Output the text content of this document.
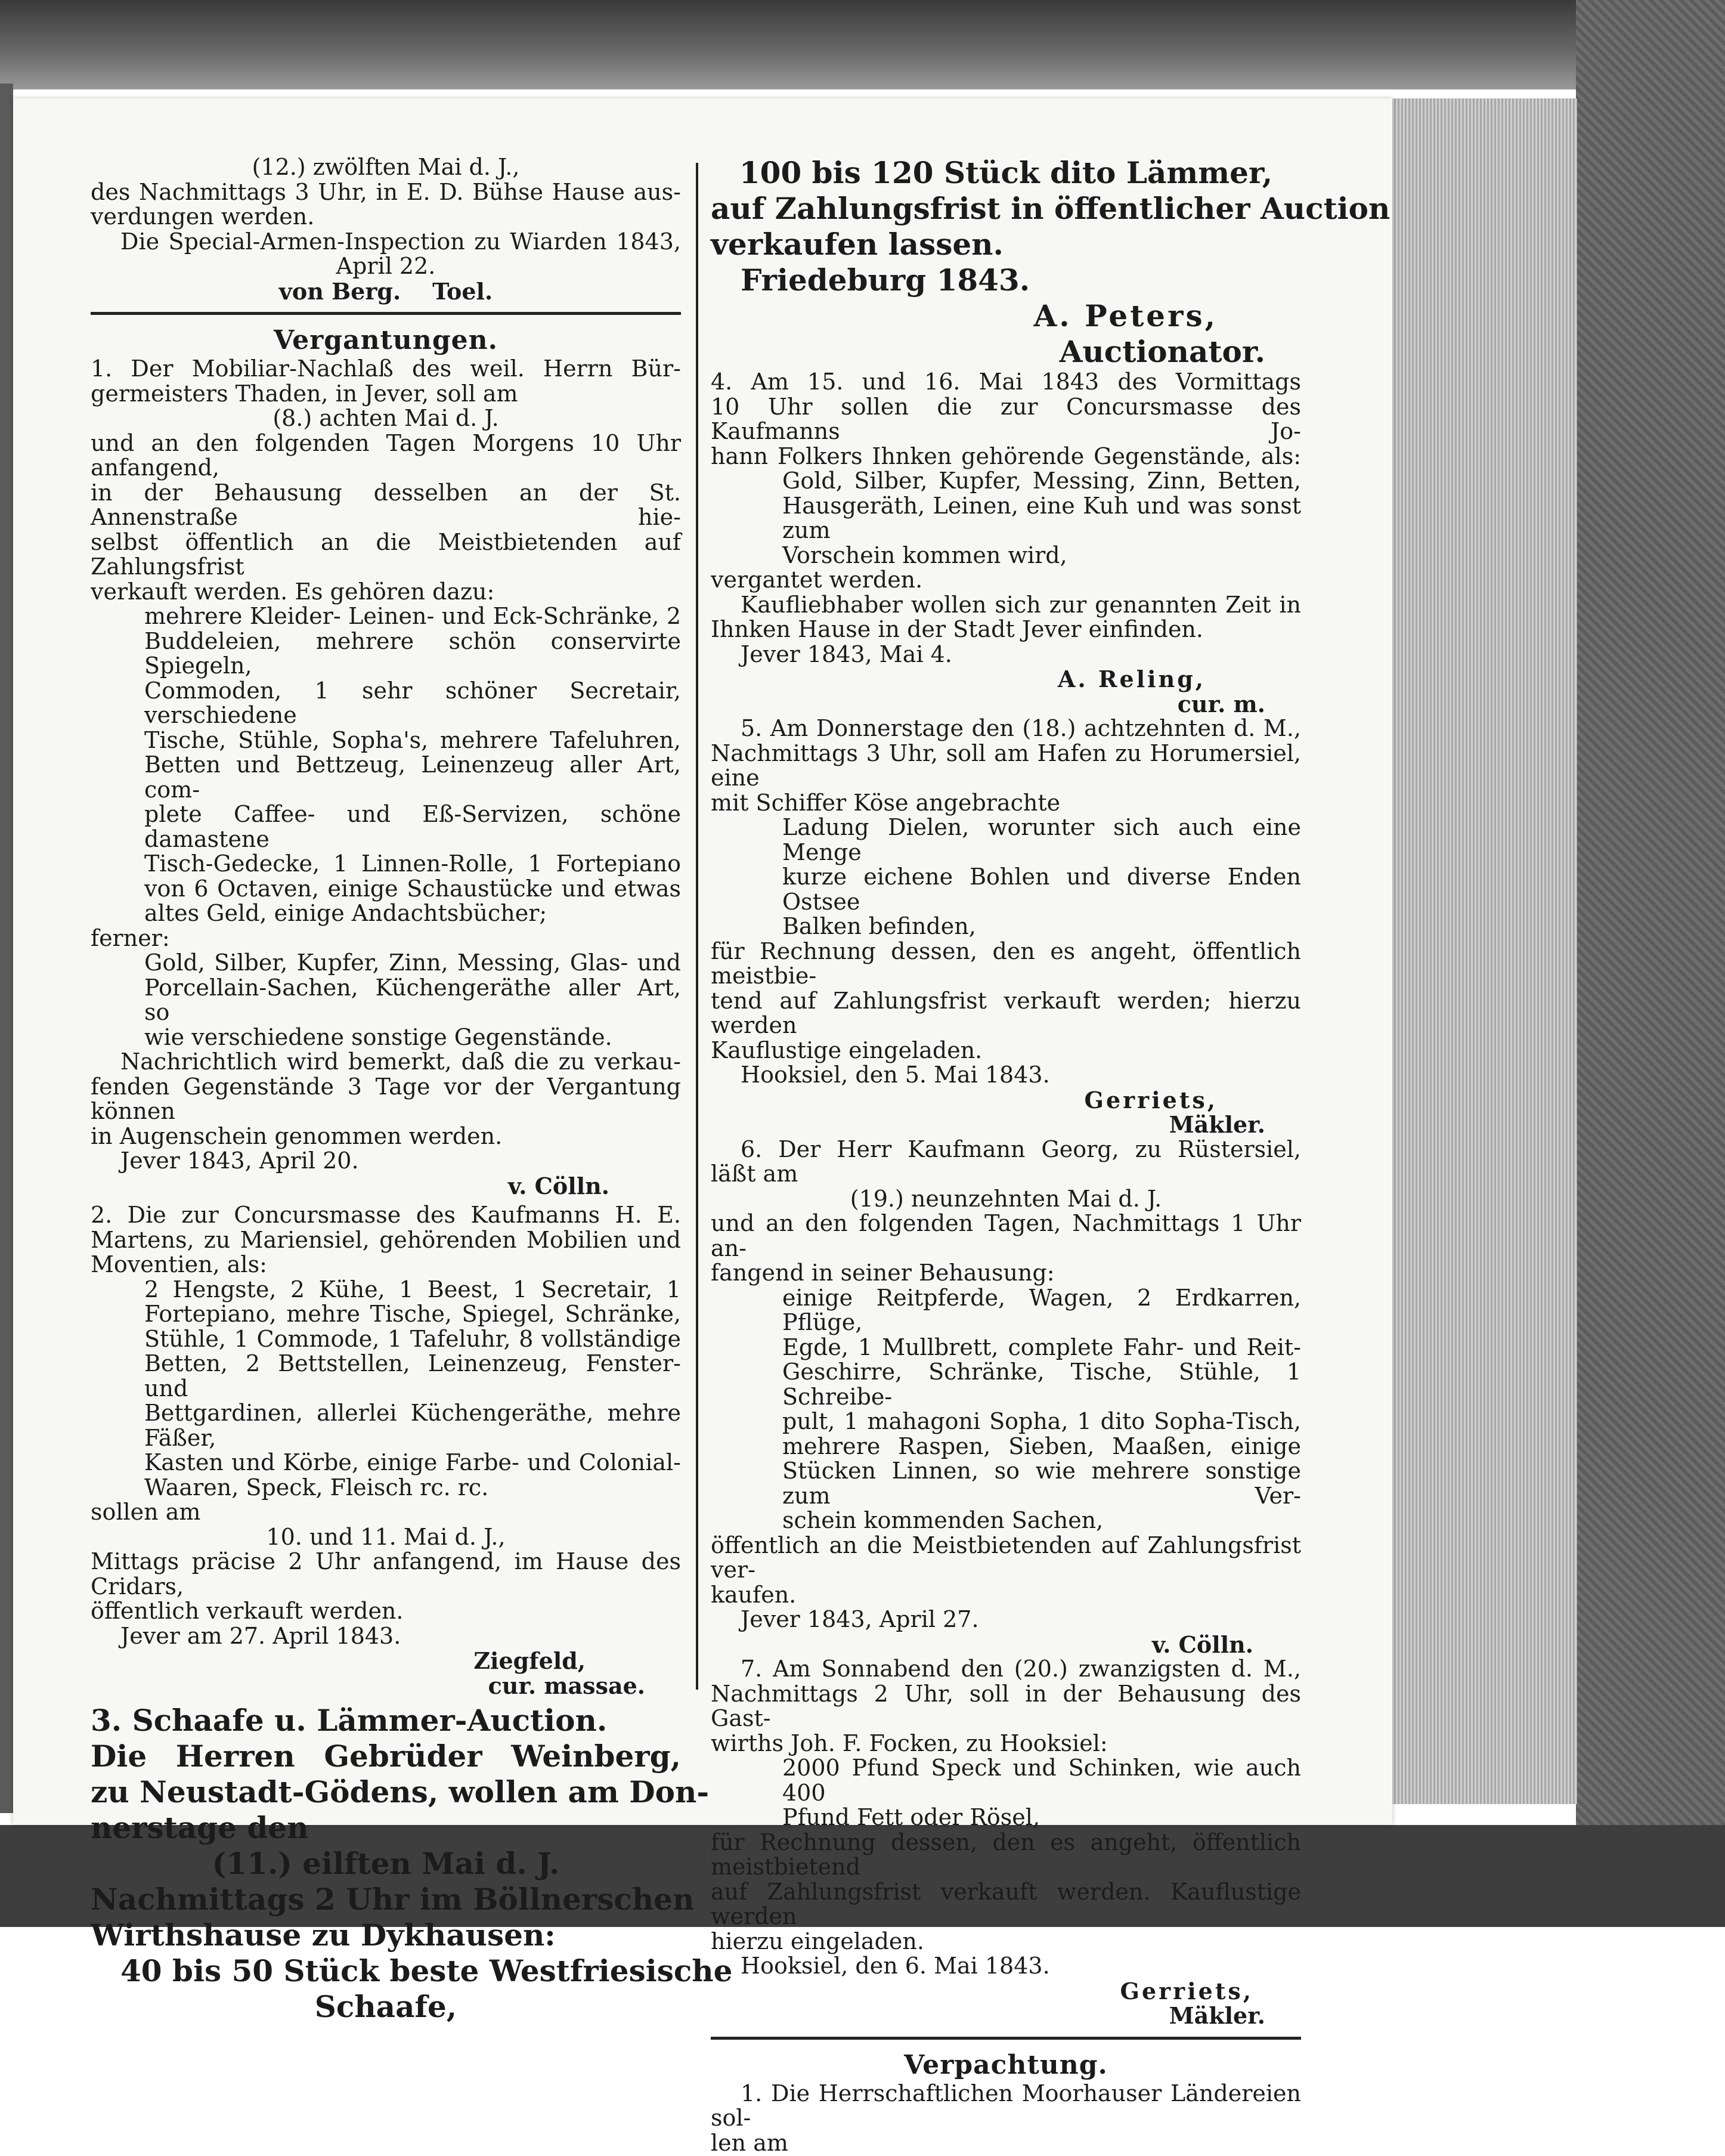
(12.) zwölften Mai d. J.,
des Nachmittags 3 Uhr, in E. D. Bühse Hause aus-
verdungen werden.
Die Special-Armen-Inspection zu Wiarden 1843,
April 22.
von Berg.    Toel.
Vergantungen.
1. Der Mobiliar-Nachlaß des weil. Herrn Bür-
germeisters Thaden, in Jever, soll am
(8.) achten Mai d. J.
und an den folgenden Tagen Morgens 10 Uhr anfangend,
in der Behausung desselben an der St. Annenstraße hie-
selbst öffentlich an die Meistbietenden auf Zahlungsfrist
verkauft werden. Es gehören dazu:
mehrere Kleider- Leinen- und Eck-Schränke, 2
Buddeleien, mehrere schön conservirte Spiegeln,
Commoden, 1 sehr schöner Secretair, verschiedene
Tische, Stühle, Sopha's, mehrere Tafeluhren,
Betten und Bettzeug, Leinenzeug aller Art, com-
plete Caffee- und Eß-Servizen, schöne damastene
Tisch-Gedecke, 1 Linnen-Rolle, 1 Fortepiano
von 6 Octaven, einige Schaustücke und etwas
altes Geld, einige Andachtsbücher;
ferner:
Gold, Silber, Kupfer, Zinn, Messing, Glas- und
Porcellain-Sachen, Küchengeräthe aller Art, so
wie verschiedene sonstige Gegenstände.
Nachrichtlich wird bemerkt, daß die zu verkau-
fenden Gegenstände 3 Tage vor der Vergantung können
in Augenschein genommen werden.
Jever 1843, April 20.
v. Cölln.
2. Die zur Concursmasse des Kaufmanns H. E.
Martens, zu Mariensiel, gehörenden Mobilien und
Moventien, als:
2 Hengste, 2 Kühe, 1 Beest, 1 Secretair, 1
Fortepiano, mehre Tische, Spiegel, Schränke,
Stühle, 1 Commode, 1 Tafeluhr, 8 vollständige
Betten, 2 Bettstellen, Leinenzeug, Fenster- und
Bettgardinen, allerlei Küchengeräthe, mehre Fäßer,
Kasten und Körbe, einige Farbe- und Colonial-
Waaren, Speck, Fleisch rc. rc.
sollen am
10. und 11. Mai d. J.,
Mittags präcise 2 Uhr anfangend, im Hause des Cridars,
öffentlich verkauft werden.
Jever am 27. April 1843.
Ziegfeld,
cur. massae.
3. Schaafe u. Lämmer-Auction.
Die Herren Gebrüder Weinberg,
zu Neustadt-Gödens, wollen am Don-
nerstage den
(11.) eilften Mai d. J.
Nachmittags 2 Uhr im Böllnerschen
Wirthshause zu Dykhausen:
40 bis 50 Stück beste Westfriesische
Schaafe,
100 bis 120 Stück dito Lämmer,
auf Zahlungsfrist in öffentlicher Auction
verkaufen lassen.
Friedeburg 1843.
A. Peters,
Auctionator.
4. Am 15. und 16. Mai 1843 des Vormittags
10 Uhr sollen die zur Concursmasse des Kaufmanns Jo-
hann Folkers Ihnken gehörende Gegenstände, als:
Gold, Silber, Kupfer, Messing, Zinn, Betten,
Hausgeräth, Leinen, eine Kuh und was sonst zum
Vorschein kommen wird,
vergantet werden.
Kaufliebhaber wollen sich zur genannten Zeit in
Ihnken Hause in der Stadt Jever einfinden.
Jever 1843, Mai 4.
A. Reling,
cur. m.
5. Am Donnerstage den (18.) achtzehnten d. M.,
Nachmittags 3 Uhr, soll am Hafen zu Horumersiel, eine
mit Schiffer Köse angebrachte
Ladung Dielen, worunter sich auch eine Menge
kurze eichene Bohlen und diverse Enden Ostsee
Balken befinden,
für Rechnung dessen, den es angeht, öffentlich meistbie-
tend auf Zahlungsfrist verkauft werden; hierzu werden
Kauflustige eingeladen.
Hooksiel, den 5. Mai 1843.
Gerriets,
Mäkler.
6. Der Herr Kaufmann Georg, zu Rüstersiel,
läßt am
(19.) neunzehnten Mai d. J.
und an den folgenden Tagen, Nachmittags 1 Uhr an-
fangend in seiner Behausung:
einige Reitpferde, Wagen, 2 Erdkarren, Pflüge,
Egde, 1 Mullbrett, complete Fahr- und Reit-
Geschirre, Schränke, Tische, Stühle, 1 Schreibe-
pult, 1 mahagoni Sopha, 1 dito Sopha-Tisch,
mehrere Raspen, Sieben, Maaßen, einige
Stücken Linnen, so wie mehrere sonstige zum Ver-
schein kommenden Sachen,
öffentlich an die Meistbietenden auf Zahlungsfrist ver-
kaufen.
Jever 1843, April 27.
v. Cölln.
7. Am Sonnabend den (20.) zwanzigsten d. M.,
Nachmittags 2 Uhr, soll in der Behausung des Gast-
wirths Joh. F. Focken, zu Hooksiel:
2000 Pfund Speck und Schinken, wie auch 400
Pfund Fett oder Rösel,
für Rechnung dessen, den es angeht, öffentlich meistbietend
auf Zahlungsfrist verkauft werden. Kauflustige werden
hierzu eingeladen.
Hooksiel, den 6. Mai 1843.
Gerriets,
Mäkler.
Verpachtung.
1. Die Herrschaftlichen Moorhauser Ländereien sol-
len am
